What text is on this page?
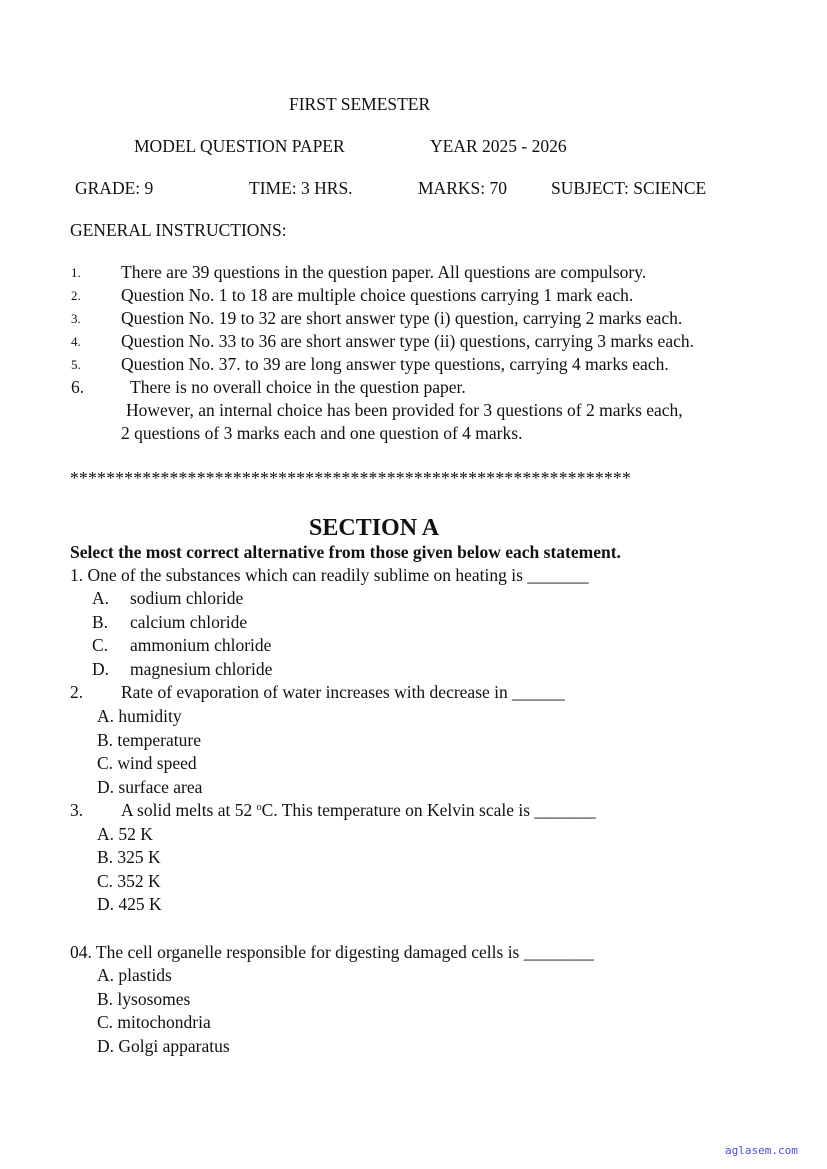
FIRST SEMESTER
MODEL QUESTION PAPER	YEAR 2025 - 2026
GRADE: 9	TIME: 3 HRS.	MARKS: 70	SUBJECT: SCIENCE
GENERAL INSTRUCTIONS:
1. There are 39 questions in the question paper. All questions are compulsory.
2. Question No. 1 to 18 are multiple choice questions carrying 1 mark each.
3. Question No. 19 to 32 are short answer type (i) question, carrying 2 marks each.
4. Question No. 33 to 36 are short answer type (ii) questions, carrying 3 marks each.
5. Question No. 37. to 39 are long answer type questions, carrying 4 marks each.
6.	There is no overall choice in the question paper.
However, an internal choice has been provided for 3 questions of 2 marks each,
2 questions of 3 marks each and one question of 4 marks.
**************************************************************
SECTION A
Select the most correct alternative from those given below each statement.
1. One of the substances which can readily sublime on heating is _______
A. sodium chloride
B. calcium chloride
C. ammonium chloride
D. magnesium chloride
2. Rate of evaporation of water increases with decrease in ______
A. humidity
B. temperature
C. wind speed
D. surface area
3. A solid melts at 52 $^o$C. This temperature on Kelvin scale is _______
A. 52 K
B. 325 K
C. 352 K
D. 425 K
04. The cell organelle responsible for digesting damaged cells is ________
A. plastids
B. lysosomes
C. mitochondria
D. Golgi apparatus
aglasem.com
